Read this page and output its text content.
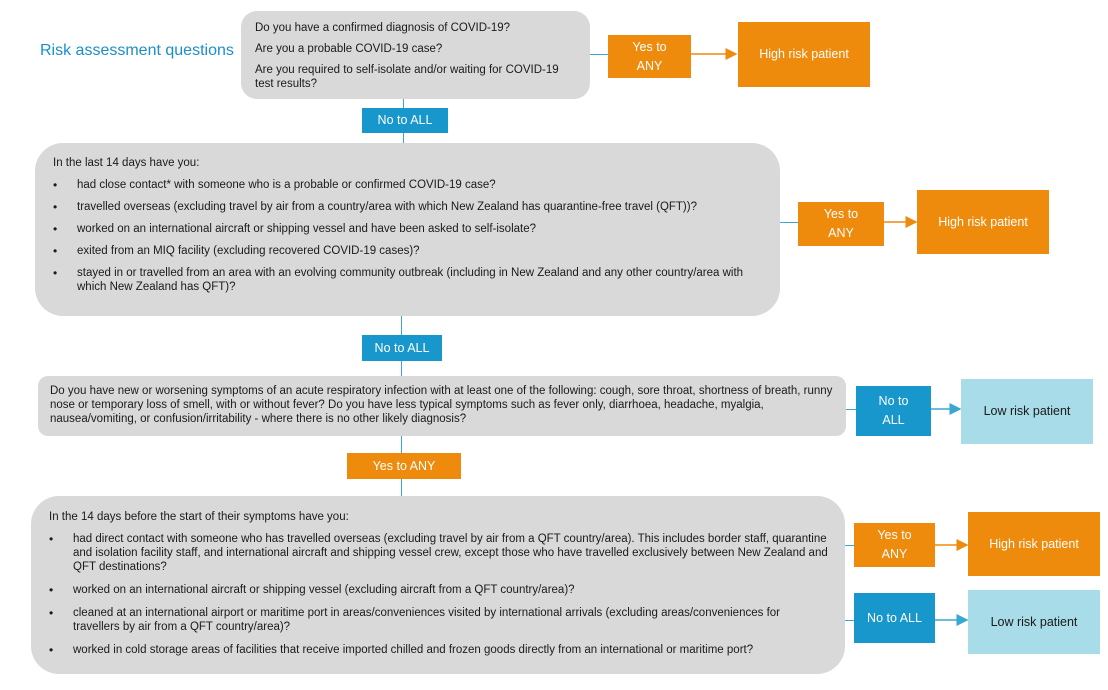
Risk assessment questions

Do you have a confirmed diagnosis of COVID-19?

Are you a probable COVID-19 case?

Are you required to self-isolate and/or waiting for COVID-19 test results?

Yes to ANY
High risk patient
No to ALL

In the last 14 days have you:

• had close contact* with someone who is a probable or confirmed COVID-19 case?
• travelled overseas (excluding travel by air from a country/area with which New Zealand has quarantine-free travel (QFT))?
• worked on an international aircraft or shipping vessel and have been asked to self-isolate?
• exited from an MIQ facility (excluding recovered COVID-19 cases)?
• stayed in or travelled from an area with an evolving community outbreak (including in New Zealand and any other country/area with which New Zealand has QFT)?
Yes to ANY
High risk patient
No to ALL

Do you have new or worsening symptoms of an acute respiratory infection with at least one of the following: cough, sore throat, shortness of breath, runny nose or temporary loss of smell, with or without fever? Do you have less typical symptoms such as fever only, diarrhoea, headache, myalgia, nausea/vomiting, or confusion/irritability - where there is no other likely diagnosis?

No to ALL
Low risk patient
Yes to ANY

In the 14 days before the start of their symptoms have you:

• had direct contact with someone who has travelled overseas (excluding travel by air from a QFT country/area). This includes border staff, quarantine and isolation facility staff, and international aircraft and shipping vessel crew, except those who have travelled exclusively between New Zealand and QFT destinations?
• worked on an international aircraft or shipping vessel (excluding aircraft from a QFT country/area)?
• cleaned at an international airport or maritime port in areas/conveniences visited by international arrivals (excluding areas/conveniences for travellers by air from a QFT country/area)?
• worked in cold storage areas of facilities that receive imported chilled and frozen goods directly from an international or maritime port?
Yes to ANY
High risk patient
No to ALL	Low risk patient
